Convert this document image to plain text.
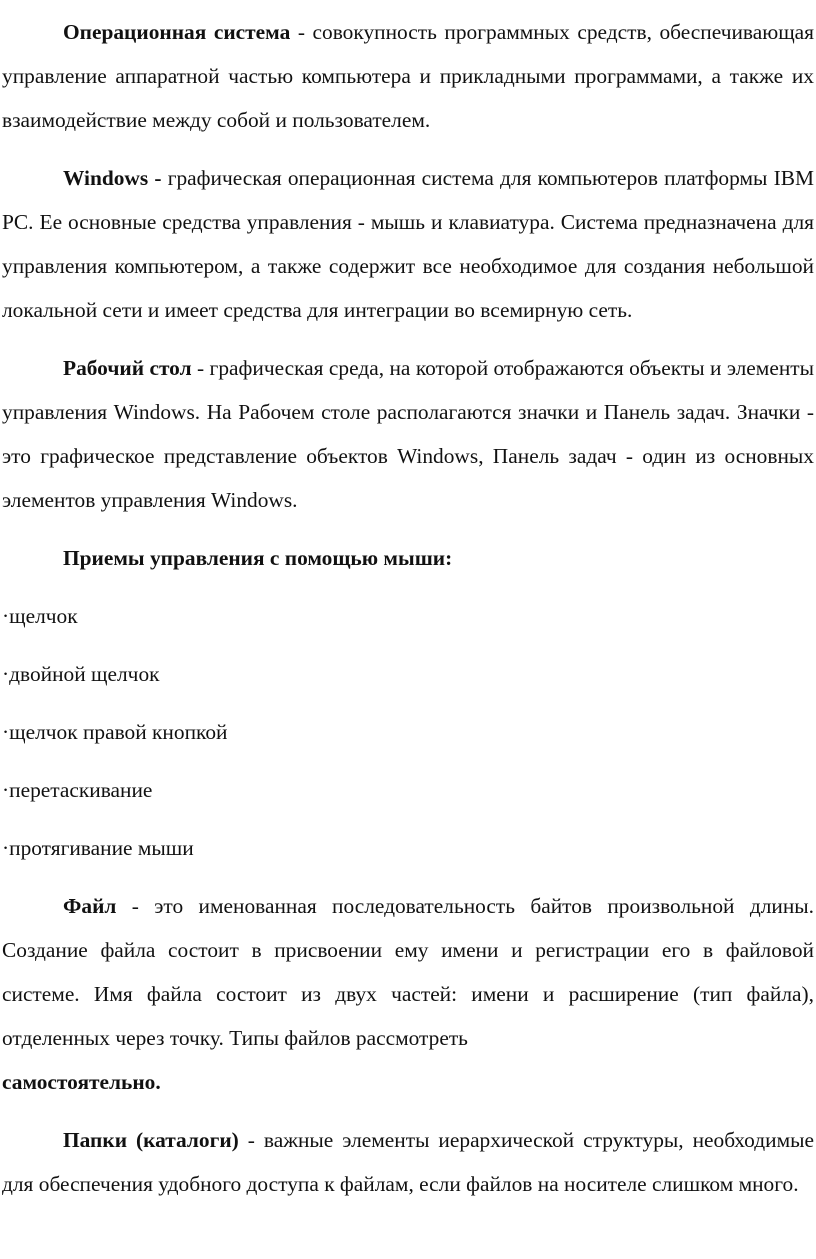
Операционная система - совокупность программных средств, обеспечивающая управление аппаратной частью компьютера и прикладными программами, а также их взаимодействие между собой и пользователем.

Windows - графическая операционная система для компьютеров платформы IBM PC. Ее основные средства управления - мышь и клавиатура. Система предназначена для управления компьютером, а также содержит все необходимое для создания небольшой локальной сети и имеет средства для интеграции во всемирную сеть.

Рабочий стол - графическая среда, на которой отображаются объекты и элементы управления Windows. На Рабочем столе располагаются значки и Панель задач. Значки - это графическое представление объектов Windows, Панель задач - один из основных элементов управления Windows.

Приемы управления с помощью мыши:

·щелчок

·двойной щелчок

·щелчок правой кнопкой

·перетаскивание

·протягивание мыши

Файл - это именованная последовательность байтов произвольной длины. Создание файла состоит в присвоении ему имени и регистрации его в файловой системе. Имя файла состоит из двух частей: имени и расширение (тип файла), отделенных через точку. Типы файлов рассмотреть
самостоятельно.

Папки (каталоги) - важные элементы иерархической структуры, необходимые для обеспечения удобного доступа к файлам, если файлов на носителе слишком много.
